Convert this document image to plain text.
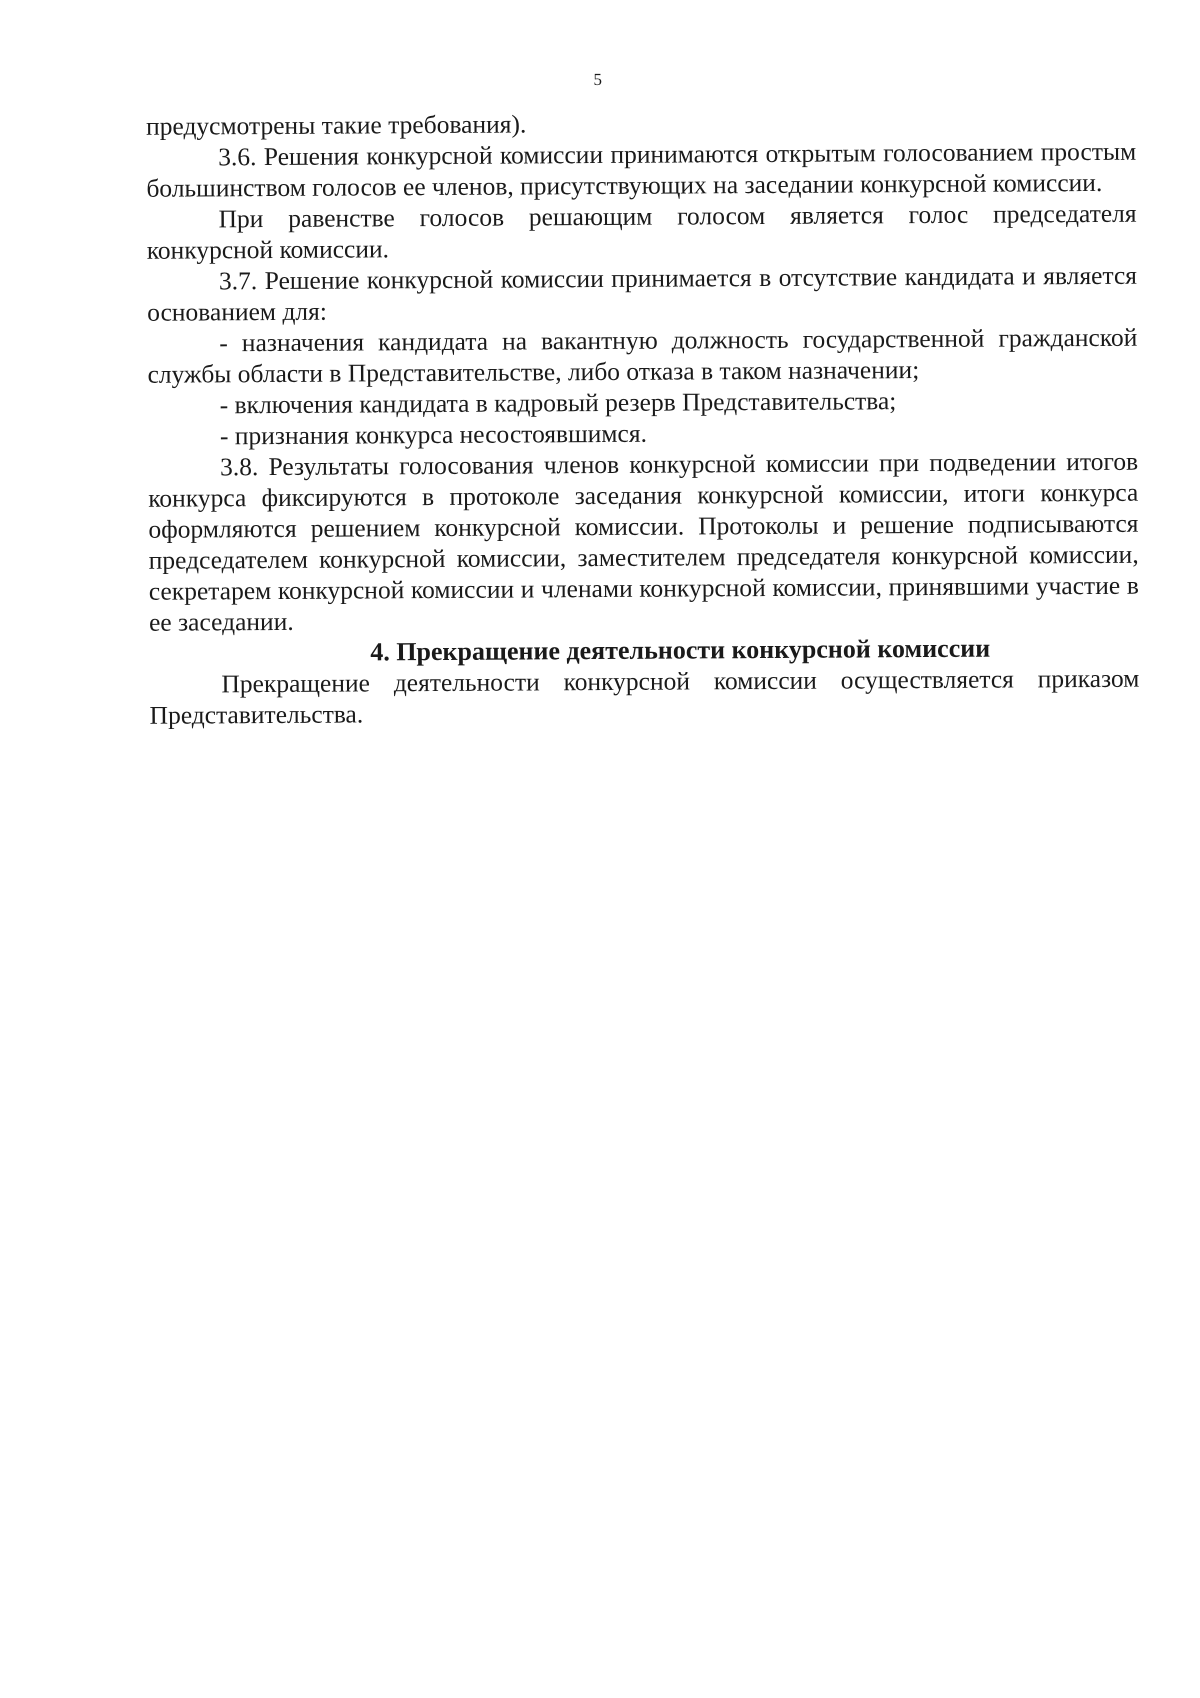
5

предусмотрены такие требования).

3.6. Решения конкурсной комиссии принимаются открытым голосованием простым большинством голосов ее членов, присутствующих на заседании конкурсной комиссии.

При равенстве голосов решающим голосом является голос председателя конкурсной комиссии.

3.7. Решение конкурсной комиссии принимается в отсутствие кандидата и является основанием для:

- назначения кандидата на вакантную должность государственной гражданской службы области в Представительстве, либо отказа в таком назначении;

- включения кандидата в кадровый резерв Представительства;

- признания конкурса несостоявшимся.

3.8. Результаты голосования членов конкурсной комиссии при подведении итогов конкурса фиксируются в протоколе заседания конкурсной комиссии, итоги конкурса оформляются решением конкурсной комиссии. Протоколы и решение подписываются председателем конкурсной комиссии, заместителем председателя конкурсной комиссии, секретарем конкурсной комиссии и членами конкурсной комиссии, принявшими участие в ее заседании.

4. Прекращение деятельности конкурсной комиссии

Прекращение деятельности конкурсной комиссии осуществляется приказом Представительства.
